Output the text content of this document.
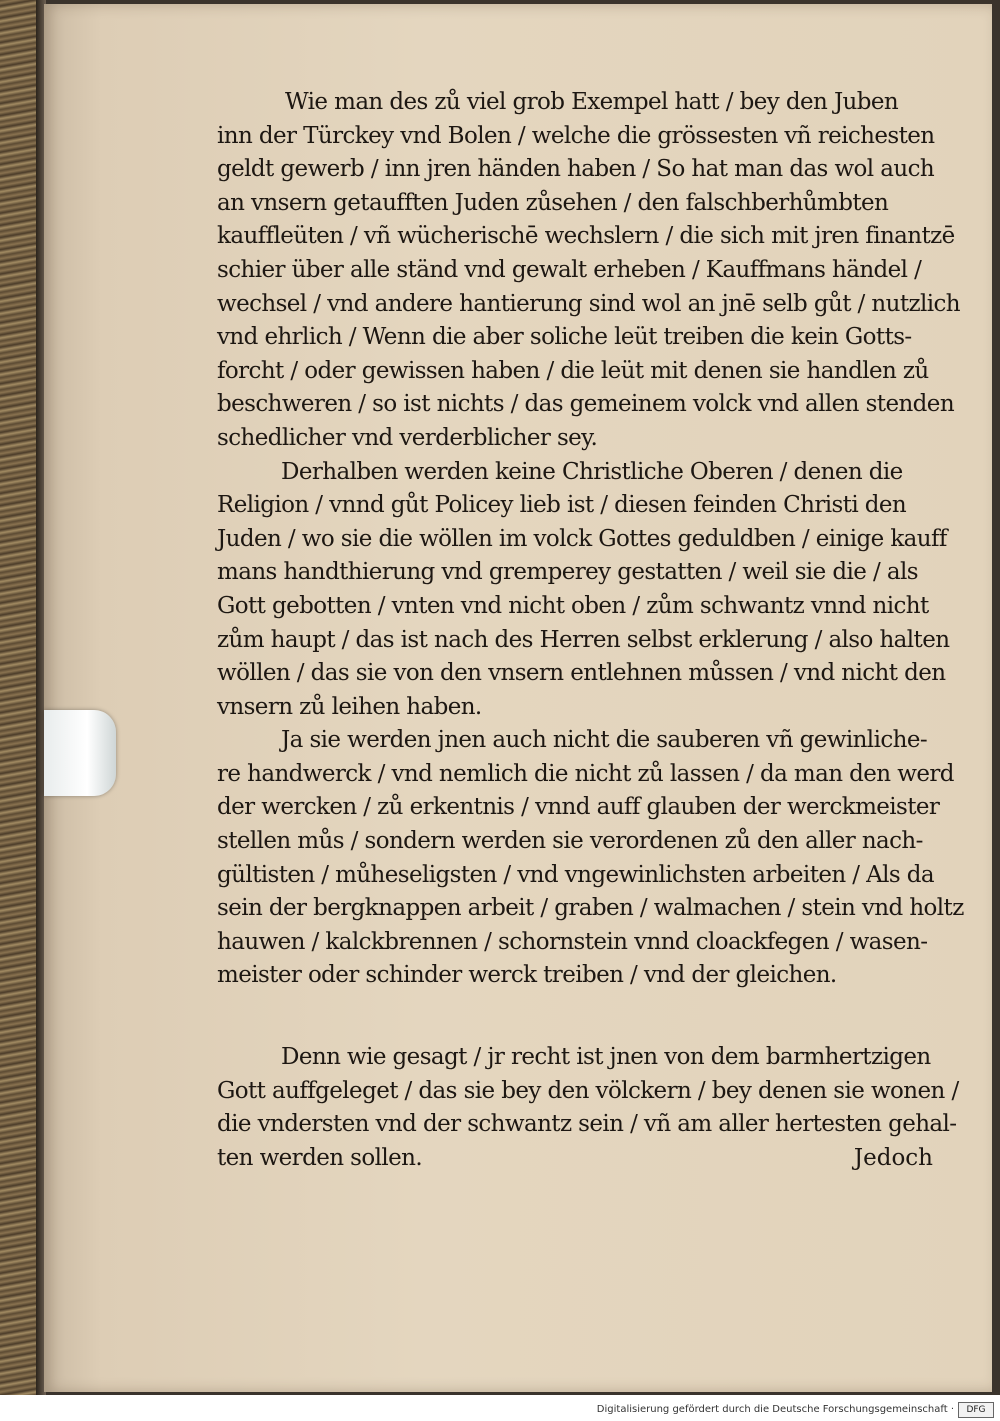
Wie man des zů viel grob Exempel hatt / bey den Juben
inn der Türckey vnd Bolen / welche die grössesten vñ reichesten
geldt gewerb / inn jren händen haben / So hat man das wol auch
an vnsern getaufften Juden zůsehen / den falschberhůmbten
kauffleüten / vñ wücherischē wechslern / die sich mit jren finantzē
schier über alle ständ vnd gewalt erheben / Kauffmans händel /
wechsel / vnd andere hantierung sind wol an jnē selb gůt / nutzlich
vnd ehrlich / Wenn die aber soliche leüt treiben die kein Gotts-
forcht / oder gewissen haben / die leüt mit denen sie handlen zů
beschweren / so ist nichts / das gemeinem volck vnd allen stenden
schedlicher vnd verderblicher sey.
Derhalben werden keine Christliche Oberen / denen die
Religion / vnnd gůt Policey lieb ist / diesen feinden Christi den
Juden / wo sie die wöllen im volck Gottes geduldben / einige kauff
mans handthierung vnd gremperey gestatten / weil sie die / als
Gott gebotten / vnten vnd nicht oben / zům schwantz vnnd nicht
zům haupt / das ist nach des Herren selbst erklerung / also halten
wöllen / das sie von den vnsern entlehnen můssen / vnd nicht den
vnsern zů leihen haben.
Ja sie werden jnen auch nicht die sauberen vñ gewinliche-
re handwerck / vnd nemlich die nicht zů lassen / da man den werd
der wercken / zů erkentnis / vnnd auff glauben der werckmeister
stellen můs / sondern werden sie verordenen zů den aller nach-
gültisten / můheseligsten / vnd vngewinlichsten arbeiten / Als da
sein der bergknappen arbeit / graben / walmachen / stein vnd holtz
hauwen / kalckbrennen / schornstein vnnd cloackfegen / wasen-
meister oder schinder werck treiben / vnd der gleichen.
Denn wie gesagt / jr recht ist jnen von dem barmhertzigen
Gott auffgeleget / das sie bey den völckern / bey denen sie wonen /
die vndersten vnd der schwantz sein / vñ am aller hertesten gehal-
ten werden sollen.	Jedoch
Digitalisierung gefördert durch die Deutsche Forschungsgemeinschaft ·	DFG
